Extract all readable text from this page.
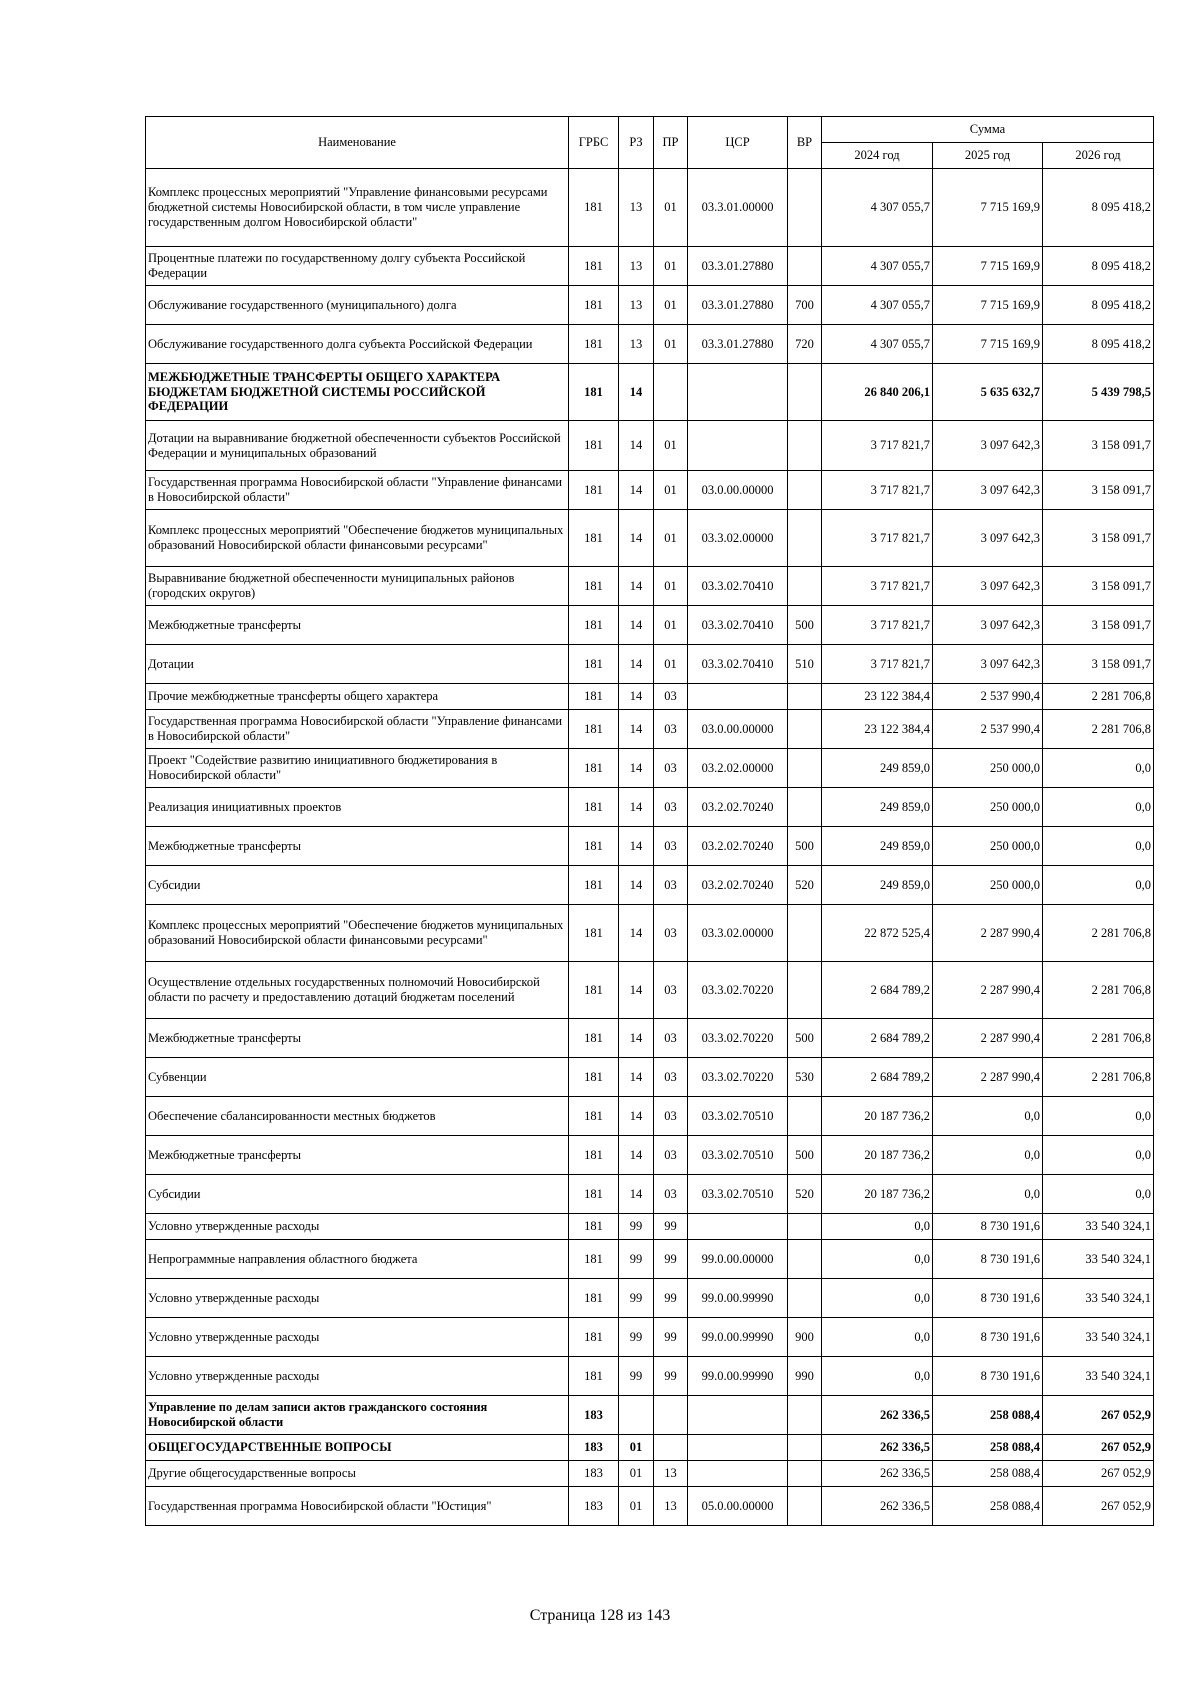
Наименование	ГРБС	РЗ	ПР	ЦСР	ВР	Сумма		
						2024 год	2025 год	2026 год
Комплекс процессных мероприятий "Управление финансовыми ресурсами бюджетной системы Новосибирской области, в том числе управление государственным долгом Новосибирской области"	181	13	01	03.3.01.00000		4 307 055,7	7 715 169,9	8 095 418,2
Процентные платежи по государственному долгу субъекта Российской Федерации	181	13	01	03.3.01.27880		4 307 055,7	7 715 169,9	8 095 418,2
Обслуживание государственного (муниципального) долга	181	13	01	03.3.01.27880	700	4 307 055,7	7 715 169,9	8 095 418,2
Обслуживание государственного долга субъекта Российской Федерации	181	13	01	03.3.01.27880	720	4 307 055,7	7 715 169,9	8 095 418,2
МЕЖБЮДЖЕТНЫЕ ТРАНСФЕРТЫ ОБЩЕГО ХАРАКТЕРА БЮДЖЕТАМ БЮДЖЕТНОЙ СИСТЕМЫ РОССИЙСКОЙ ФЕДЕРАЦИИ	181	14				26 840 206,1	5 635 632,7	5 439 798,5
Дотации на выравнивание бюджетной обеспеченности субъектов Российской Федерации и муниципальных образований	181	14	01			3 717 821,7	3 097 642,3	3 158 091,7
Государственная программа Новосибирской области "Управление финансами в Новосибирской области"	181	14	01	03.0.00.00000		3 717 821,7	3 097 642,3	3 158 091,7
Комплекс процессных мероприятий "Обеспечение бюджетов муниципальных образований Новосибирской области финансовыми ресурсами"	181	14	01	03.3.02.00000		3 717 821,7	3 097 642,3	3 158 091,7
Выравнивание бюджетной обеспеченности муниципальных районов (городских округов)	181	14	01	03.3.02.70410		3 717 821,7	3 097 642,3	3 158 091,7
Межбюджетные трансферты	181	14	01	03.3.02.70410	500	3 717 821,7	3 097 642,3	3 158 091,7
Дотации	181	14	01	03.3.02.70410	510	3 717 821,7	3 097 642,3	3 158 091,7
Прочие межбюджетные трансферты общего характера	181	14	03			23 122 384,4	2 537 990,4	2 281 706,8
Государственная программа Новосибирской области "Управление финансами в Новосибирской области"	181	14	03	03.0.00.00000		23 122 384,4	2 537 990,4	2 281 706,8
Проект "Содействие развитию инициативного бюджетирования в Новосибирской области"	181	14	03	03.2.02.00000		249 859,0	250 000,0	0,0
Реализация инициативных проектов	181	14	03	03.2.02.70240		249 859,0	250 000,0	0,0
Межбюджетные трансферты	181	14	03	03.2.02.70240	500	249 859,0	250 000,0	0,0
Субсидии	181	14	03	03.2.02.70240	520	249 859,0	250 000,0	0,0
Комплекс процессных мероприятий "Обеспечение бюджетов муниципальных образований Новосибирской области финансовыми ресурсами"	181	14	03	03.3.02.00000		22 872 525,4	2 287 990,4	2 281 706,8
Осуществление отдельных государственных полномочий Новосибирской области по расчету и предоставлению дотаций бюджетам поселений	181	14	03	03.3.02.70220		2 684 789,2	2 287 990,4	2 281 706,8
Межбюджетные трансферты	181	14	03	03.3.02.70220	500	2 684 789,2	2 287 990,4	2 281 706,8
Субвенции	181	14	03	03.3.02.70220	530	2 684 789,2	2 287 990,4	2 281 706,8
Обеспечение сбалансированности местных бюджетов	181	14	03	03.3.02.70510		20 187 736,2	0,0	0,0
Межбюджетные трансферты	181	14	03	03.3.02.70510	500	20 187 736,2	0,0	0,0
Субсидии	181	14	03	03.3.02.70510	520	20 187 736,2	0,0	0,0
Условно утвержденные расходы	181	99	99			0,0	8 730 191,6	33 540 324,1
Непрограммные направления областного бюджета	181	99	99	99.0.00.00000		0,0	8 730 191,6	33 540 324,1
Условно утвержденные расходы	181	99	99	99.0.00.99990		0,0	8 730 191,6	33 540 324,1
Условно утвержденные расходы	181	99	99	99.0.00.99990	900	0,0	8 730 191,6	33 540 324,1
Условно утвержденные расходы	181	99	99	99.0.00.99990	990	0,0	8 730 191,6	33 540 324,1
Управление по делам записи актов гражданского состояния Новосибирской области	183					262 336,5	258 088,4	267 052,9
ОБЩЕГОСУДАРСТВЕННЫЕ ВОПРОСЫ	183	01				262 336,5	258 088,4	267 052,9
Другие общегосударственные вопросы	183	01	13			262 336,5	258 088,4	267 052,9
Государственная программа Новосибирской области "Юстиция"	183	01	13	05.0.00.00000		262 336,5	258 088,4	267 052,9
Страница 128 из 143
